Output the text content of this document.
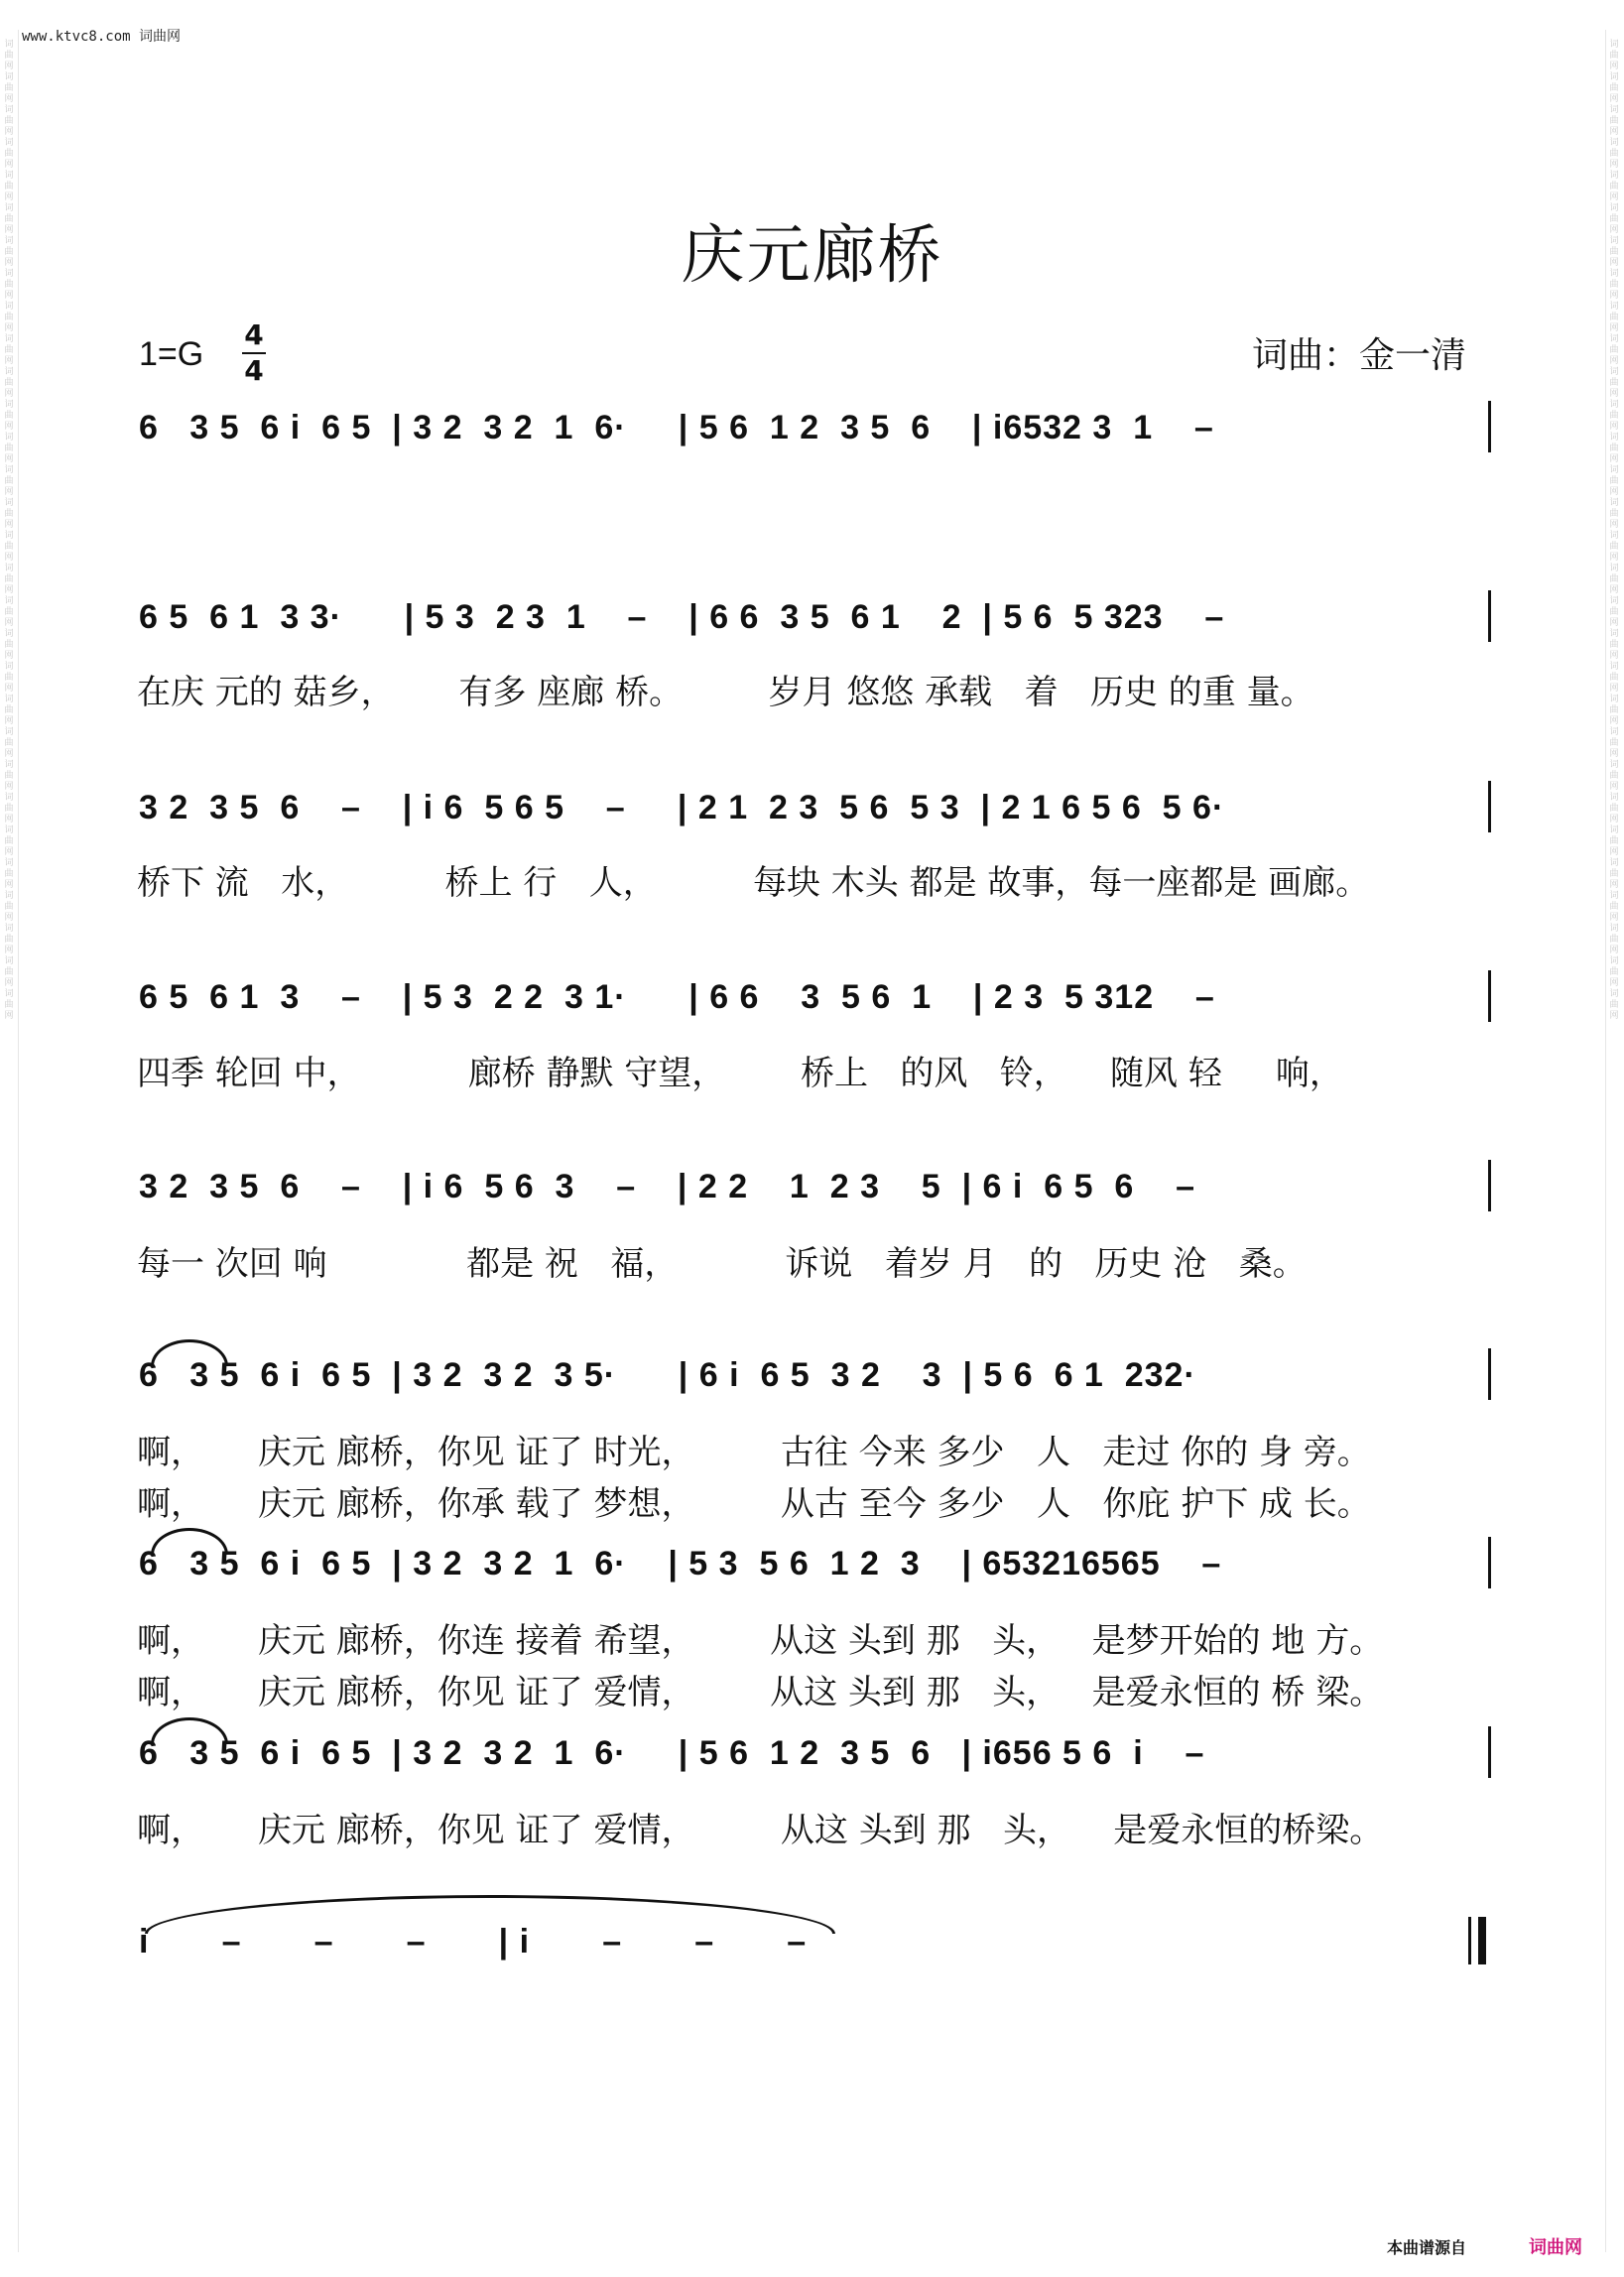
www.ktvc8.com 词曲网
词曲网词曲网词曲网词曲网词曲网词曲网词曲网词曲网词曲网词曲网词曲网词曲网词曲网词曲网词曲网词曲网词曲网词曲网词曲网词曲网词曲网词曲网词曲网词曲网词曲网词曲网词曲网词曲网词曲网词曲网
词曲网词曲网词曲网词曲网词曲网词曲网词曲网词曲网词曲网词曲网词曲网词曲网词曲网词曲网词曲网词曲网词曲网词曲网词曲网词曲网词曲网词曲网词曲网词曲网词曲网词曲网词曲网词曲网词曲网词曲网
庆元廊桥
1=G
4
4	词曲：金一清
6   3 5  6 i  6 5  | 3 2  3 2  1  6·     | 5 6  1 2  3 5  6    | i6532 3  1    –
6 5  6 1  3 3·      | 5 3  2 3  1    –    | 6 6  3 5  6 1    2  | 5 6  5 323    –
在庆 元的 菇乡，      有多 座廊 桥。        岁月 悠悠 承载   着   历史 的重 量。
3 2  3 5  6    –    | i 6  5 6 5    –     | 2 1  2 3  5 6  5 3  | 2 1 6 5 6  5 6·
桥下 流   水，         桥上 行   人，         每块 木头 都是 故事，每一座都是 画廊。
6 5  6 1  3    –    | 5 3  2 2  3 1·      | 6 6    3  5 6  1    | 2 3  5 312    –
四季 轮回 中，          廊桥 静默 守望，       桥上   的风   铃，    随风 轻     响，
3 2  3 5  6    –    | i 6  5 6  3    –    | 2 2    1  2 3    5  | 6 i  6 5  6    –
每一 次回 响             都是 祝   福，          诉说   着岁 月   的   历史 沧   桑。
6   3 5  6 i  6 5  | 3 2  3 2  3 5·      | 6 i  6 5  3 2    3  | 5 6  6 1  232·
啊，     庆元 廊桥，你见 证了 时光，        古往 今来 多少   人   走过 你的 身 旁。
啊，     庆元 廊桥，你承 载了 梦想，        从古 至今 多少   人   你庇 护下 成 长。
6   3 5  6 i  6 5  | 3 2  3 2  1  6·    | 5 3  5 6  1 2  3    | 653216565    –
啊，     庆元 廊桥，你连 接着 希望，       从这 头到 那   头，   是梦开始的 地 方。
啊，     庆元 廊桥，你见 证了 爱情，       从这 头到 那   头，   是爱永恒的 桥 梁。
6   3 5  6 i  6 5  | 3 2  3 2  1  6·     | 5 6  1 2  3 5  6   | i656 5 6  i    –
啊，     庆元 廊桥，你见 证了 爱情，        从这 头到 那   头，    是爱永恒的桥梁。
i       –       –       –       | i       –       –       –
本曲谱源自	词曲网
